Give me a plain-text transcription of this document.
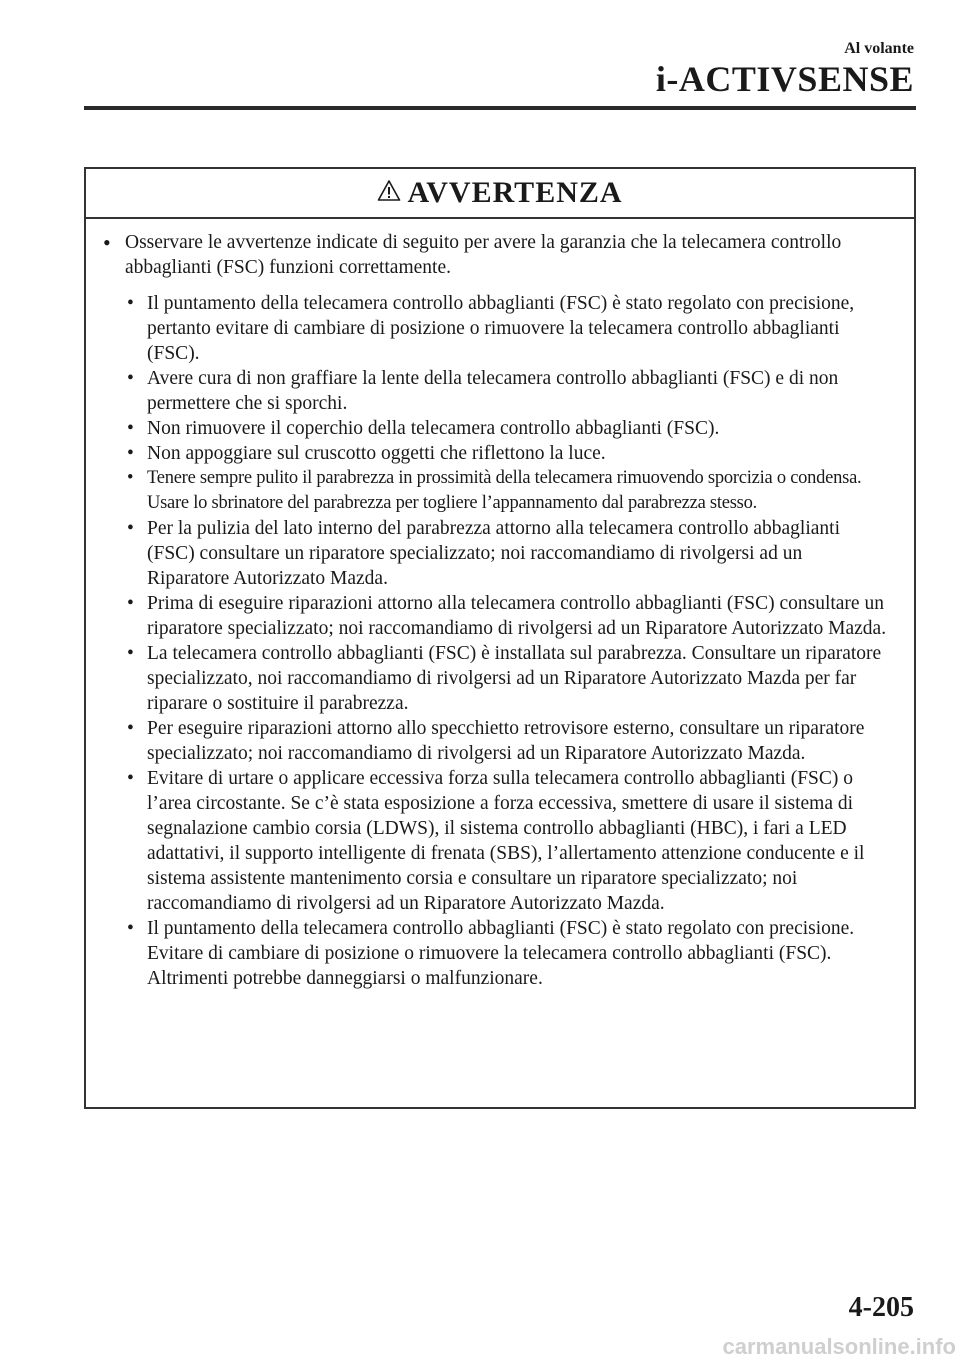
Al volante
i-ACTIVSENSE
AVVERTENZA
• Osservare le avvertenze indicate di seguito per avere la garanzia che la telecamera controllo abbaglianti (FSC) funzioni correttamente.
• Il puntamento della telecamera controllo abbaglianti (FSC) è stato regolato con precisione, pertanto evitare di cambiare di posizione o rimuovere la telecamera controllo abbaglianti (FSC).
• Avere cura di non graffiare la lente della telecamera controllo abbaglianti (FSC) e di non permettere che si sporchi.
• Non rimuovere il coperchio della telecamera controllo abbaglianti (FSC).
• Non appoggiare sul cruscotto oggetti che riflettono la luce.
• Tenere sempre pulito il parabrezza in prossimità della telecamera rimuovendo sporcizia o condensa. Usare lo sbrinatore del parabrezza per togliere l’appannamento dal parabrezza stesso.
• Per la pulizia del lato interno del parabrezza attorno alla telecamera controllo abbaglianti (FSC) consultare un riparatore specializzato; noi raccomandiamo di rivolgersi ad un Riparatore Autorizzato Mazda.
• Prima di eseguire riparazioni attorno alla telecamera controllo abbaglianti (FSC) consultare un riparatore specializzato; noi raccomandiamo di rivolgersi ad un Riparatore Autorizzato Mazda.
• La telecamera controllo abbaglianti (FSC) è installata sul parabrezza. Consultare un riparatore specializzato, noi raccomandiamo di rivolgersi ad un Riparatore Autorizzato Mazda per far riparare o sostituire il parabrezza.
• Per eseguire riparazioni attorno allo specchietto retrovisore esterno, consultare un riparatore specializzato; noi raccomandiamo di rivolgersi ad un Riparatore Autorizzato Mazda.
• Evitare di urtare o applicare eccessiva forza sulla telecamera controllo abbaglianti (FSC) o l’area circostante. Se c’è stata esposizione a forza eccessiva, smettere di usare il sistema di segnalazione cambio corsia (LDWS), il sistema controllo abbaglianti (HBC), i fari a LED adattativi, il supporto intelligente di frenata (SBS), l’allertamento attenzione conducente e il sistema assistente mantenimento corsia e consultare un riparatore specializzato; noi raccomandiamo di rivolgersi ad un Riparatore Autorizzato Mazda.
• Il puntamento della telecamera controllo abbaglianti (FSC) è stato regolato con precisione. Evitare di cambiare di posizione o rimuovere la telecamera controllo abbaglianti (FSC). Altrimenti potrebbe danneggiarsi o malfunzionare.
4-205
carmanualsonline.info
